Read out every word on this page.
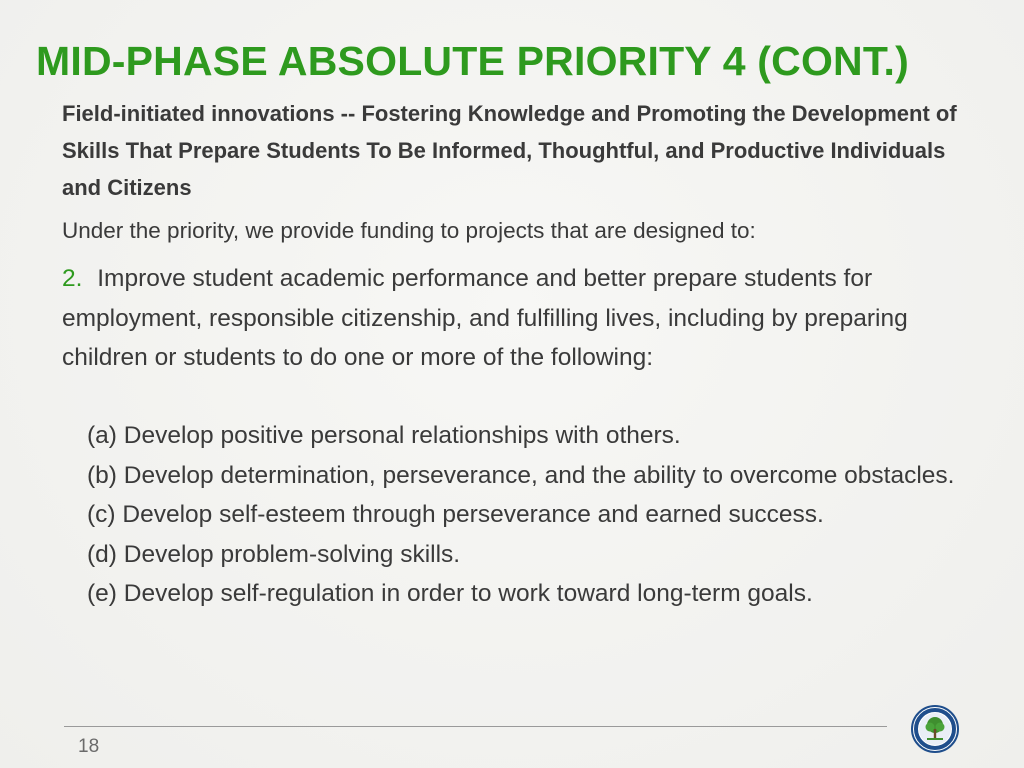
MID-PHASE ABSOLUTE PRIORITY 4 (CONT.)
Field-initiated innovations -- Fostering Knowledge and Promoting the Development of Skills That Prepare Students To Be Informed, Thoughtful, and Productive Individuals and Citizens
Under the priority, we provide funding to projects that are designed to:
2. Improve student academic performance and better prepare students for employment, responsible citizenship, and fulfilling lives, including by preparing children or students to do one or more of the following:
(a) Develop positive personal relationships with others.
(b) Develop determination, perseverance, and the ability to overcome obstacles.
(c) Develop self-esteem through perseverance and earned success.
(d) Develop problem-solving skills.
(e) Develop self-regulation in order to work toward long-term goals.
18
